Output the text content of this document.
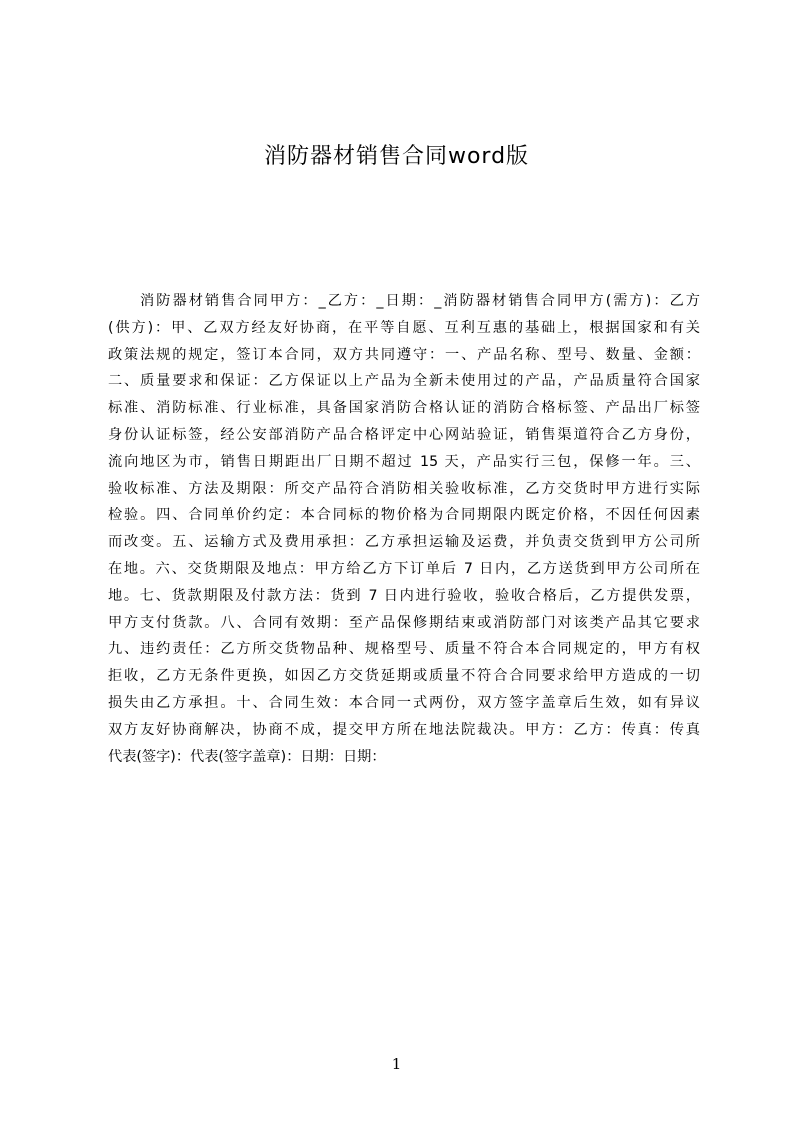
消防器材销售合同word版
消防器材销售合同甲方：_乙方：_日期：_消防器材销售合同甲方(需方)：乙方
(供方)：甲、乙双方经友好协商，在平等自愿、互利互惠的基础上，根据国家和有关
政策法规的规定，签订本合同，双方共同遵守：一、产品名称、型号、数量、金额：
二、质量要求和保证：乙方保证以上产品为全新未使用过的产品，产品质量符合国家
标准、消防标准、行业标准，具备国家消防合格认证的消防合格标签、产品出厂标签
身份认证标签，经公安部消防产品合格评定中心网站验证，销售渠道符合乙方身份，
流向地区为市，销售日期距出厂日期不超过 15 天，产品实行三包，保修一年。三、
验收标准、方法及期限：所交产品符合消防相关验收标准，乙方交货时甲方进行实际
检验。四、合同单价约定：本合同标的物价格为合同期限内既定价格，不因任何因素
而改变。五、运输方式及费用承担：乙方承担运输及运费，并负责交货到甲方公司所
在地。六、交货期限及地点：甲方给乙方下订单后 7 日内，乙方送货到甲方公司所在
地。七、货款期限及付款方法：货到 7 日内进行验收，验收合格后，乙方提供发票，
甲方支付货款。八、合同有效期：至产品保修期结束或消防部门对该类产品其它要求
九、违约责任：乙方所交货物品种、规格型号、质量不符合本合同规定的，甲方有权
拒收，乙方无条件更换，如因乙方交货延期或质量不符合合同要求给甲方造成的一切
损失由乙方承担。十、合同生效：本合同一式两份，双方签字盖章后生效，如有异议
双方友好协商解决，协商不成，提交甲方所在地法院裁决。甲方：乙方：传真：传真
代表(签字)：代表(签字盖章)：日期：日期：
1
